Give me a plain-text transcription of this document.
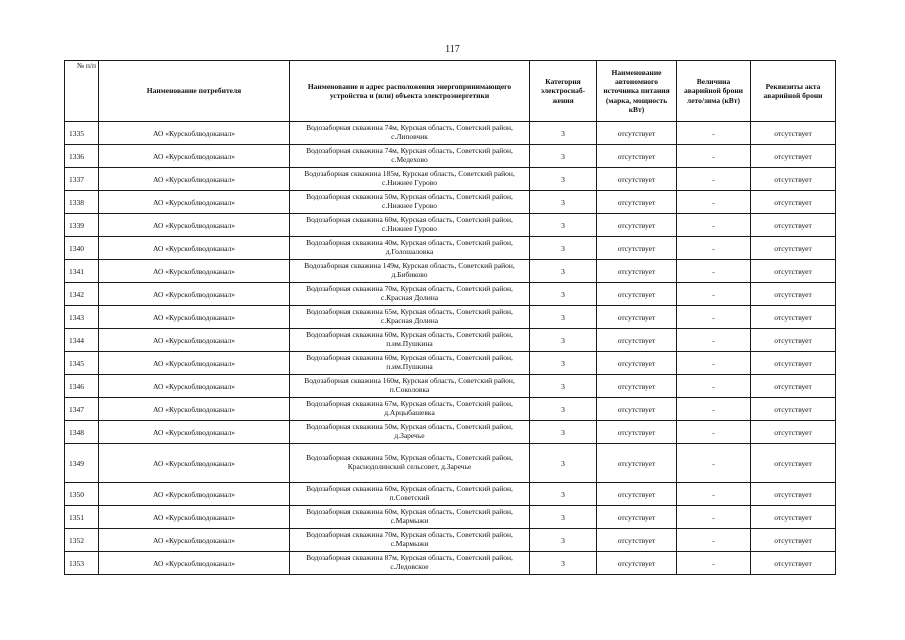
117
№ п/п	Наименование потребителя	Наименование и адрес расположения энергопринимающего устройства и (или) объекта электроэнергетики	Категория электроснаб-жения	Наименование автономного источника питания (марка, мощность кВт)	Величина аварийной брони лето/зима (кВт)	Реквизиты акта аварийной брони
1335	АО «Курскоблводоканал»	Водозаборная скважина 74м, Курская область, Советский район, с.Липовчик	3	отсутствует	-	отсутствует
1336	АО «Курскоблводоканал»	Водозаборная скважина 74м, Курская область, Советский район, с.Медехово	3	отсутствует	-	отсутствует
1337	АО «Курскоблводоканал»	Водозаборная скважина 185м, Курская область, Советский район, с.Нижнее Гурово	3	отсутствует	-	отсутствует
1338	АО «Курскоблводоканал»	Водозаборная скважина 50м, Курская область, Советский район, с.Нижнее Гурово	3	отсутствует	-	отсутствует
1339	АО «Курскоблводоканал»	Водозаборная скважина 60м, Курская область, Советский район, с.Нижнее Гурово	3	отсутствует	-	отсутствует
1340	АО «Курскоблводоканал»	Водозаборная скважина 40м, Курская область, Советский район, д.Голошаловка	3	отсутствует	-	отсутствует
1341	АО «Курскоблводоканал»	Водозаборная скважина 149м, Курская область, Советский район, д.Бибиково	3	отсутствует	-	отсутствует
1342	АО «Курскоблводоканал»	Водозаборная скважина 70м, Курская область, Советский район, с.Красная Долина	3	отсутствует	-	отсутствует
1343	АО «Курскоблводоканал»	Водозаборная скважина 65м, Курская область, Советский район, с.Красная Долина	3	отсутствует	-	отсутствует
1344	АО «Курскоблводоканал»	Водозаборная скважина 60м, Курская область, Советский район, п.им.Пушкина	3	отсутствует	-	отсутствует
1345	АО «Курскоблводоканал»	Водозаборная скважина 60м, Курская область, Советский район, п.им.Пушкина	3	отсутствует	-	отсутствует
1346	АО «Курскоблводоканал»	Водозаборная скважина 160м, Курская область, Советский район, п.Соколовка	3	отсутствует	-	отсутствует
1347	АО «Курскоблводоканал»	Водозаборная скважина 67м, Курская область, Советский район, д.Арцыбашевка	3	отсутствует	-	отсутствует
1348	АО «Курскоблводоканал»	Водозаборная скважина 50м, Курская область, Советский район, д.Заречье	3	отсутствует	-	отсутствует
1349	АО «Курскоблводоканал»	Водозаборная скважина 50м, Курская область, Советский район, Краснодолинский сельсовет, д.Заречье	3	отсутствует	-	отсутствует
1350	АО «Курскоблводоканал»	Водозаборная скважина 60м, Курская область, Советский район, п.Советский	3	отсутствует	-	отсутствует
1351	АО «Курскоблводоканал»	Водозаборная скважина 60м, Курская область, Советский район, с.Мармыжи	3	отсутствует	-	отсутствует
1352	АО «Курскоблводоканал»	Водозаборная скважина 70м, Курская область, Советский район, с.Мармыжи	3	отсутствует	-	отсутствует
1353	АО «Курскоблводоканал»	Водозаборная скважина 87м, Курская область, Советский район, с.Ледовское	3	отсутствует	-	отсутствует
